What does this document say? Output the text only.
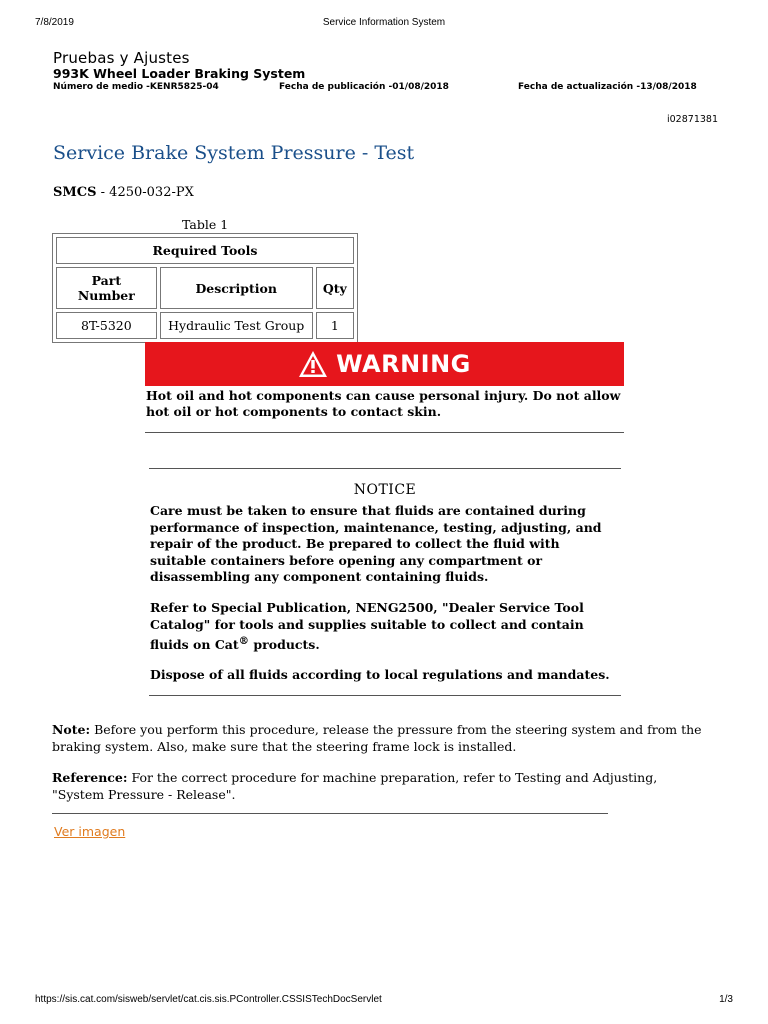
7/8/2019	Service Information System
Pruebas y Ajustes
993K Wheel Loader Braking System
Número de medio -KENR5825-04	Fecha de publicación -01/08/2018	Fecha de actualización -13/08/2018
i02871381
Service Brake System Pressure - Test
SMCS - 4250-032-PX
Table 1
Required Tools		
Part Number	Description	Qty
8T-5320	Hydraulic Test Group	1
WARNING
Hot oil and hot components can cause personal injury. Do not allow hot oil or hot components to contact skin.
NOTICE
Care must be taken to ensure that fluids are contained during performance of inspection, maintenance, testing, adjusting, and repair of the product. Be prepared to collect the fluid with suitable containers before opening any compartment or disassembling any component containing fluids.
Refer to Special Publication, NENG2500, "Dealer Service Tool Catalog" for tools and supplies suitable to collect and contain fluids on Cat® products.
Dispose of all fluids according to local regulations and mandates.
Note: Before you perform this procedure, release the pressure from the steering system and from the braking system. Also, make sure that the steering frame lock is installed.
Reference: For the correct procedure for machine preparation, refer to Testing and Adjusting, "System Pressure - Release".
Ver imagen
https://sis.cat.com/sisweb/servlet/cat.cis.sis.PController.CSSISTechDocServlet	1/3
